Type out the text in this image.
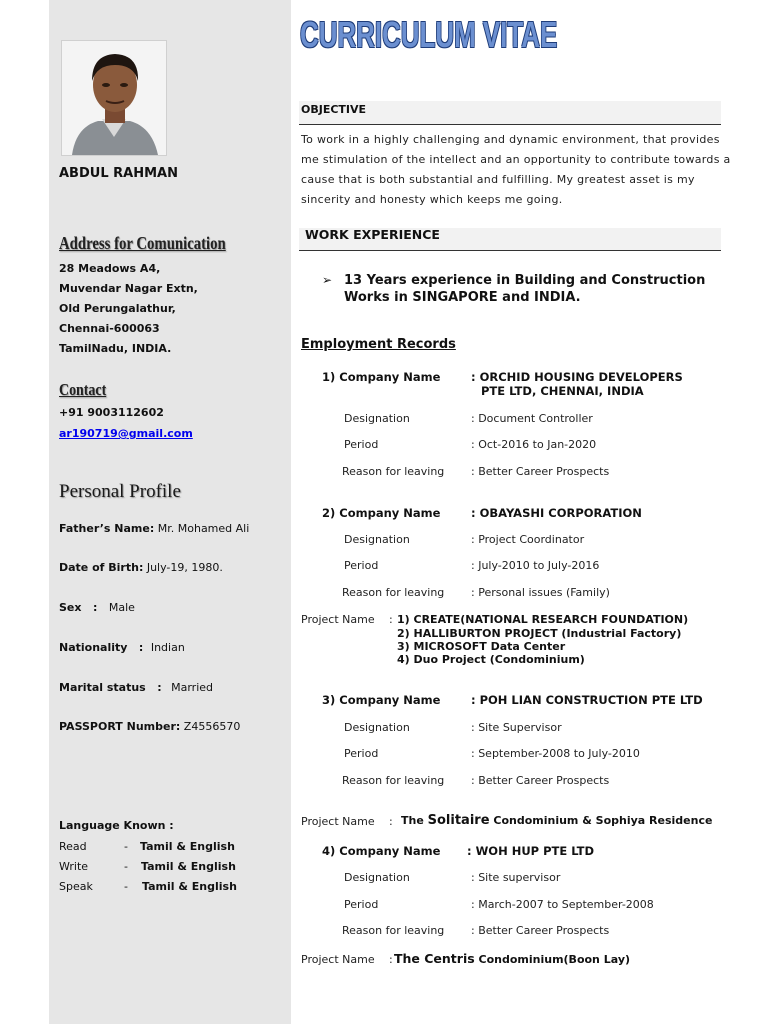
ABDUL RAHMAN
Address for Comunication
28 Meadows A4,
Muvendar Nagar Extn,
Old Perungalathur,
Chennai-600063
TamilNadu, INDIA.
Contact
+91 9003112602
ar190719@gmail.com
Personal Profile
Father’s Name: Mr. Mohamed Ali
Date of Birth: July-19, 1980.
Sex   : Male
Nationality   : Indian
Marital status   : Married
PASSPORT Number: Z4556570
Language Known :
Read	- Tamil & English
Write	- Tamil & English
Speak	- Tamil & English
CURRICULUM VITAE
OBJECTIVE
To work in a highly challenging and dynamic environment, that provides
me stimulation of the intellect and an opportunity to contribute towards a
cause that is both substantial and fulfilling. My greatest asset is my
sincerity and honesty which keeps me going.
WORK EXPERIENCE
➢ 13 Years experience in Building and Construction
Works in SINGAPORE and INDIA.
Employment Records
1) Company Name	: ORCHID HOUSING DEVELOPERS
PTE LTD, CHENNAI, INDIA
Designation	: Document Controller
Period	: Oct-2016 to Jan-2020
Reason for leaving : Better Career Prospects
2) Company Name	: OBAYASHI CORPORATION
Designation	: Project Coordinator
Period	: July-2010 to July-2016
Reason for leaving : Personal issues (Family)
Project Name : 1) CREATE(NATIONAL RESEARCH FOUNDATION)
2) HALLIBURTON PROJECT (Industrial Factory)
3) MICROSOFT Data Center
4) Duo Project (Condominium)
3) Company Name	: POH LIAN CONSTRUCTION PTE LTD
Designation	: Site Supervisor
Period	: September-2008 to July-2010
Reason for leaving : Better Career Prospects
Project Name : The Solitaire Condominium & Sophiya Residence
4) Company Name : WOH HUP PTE LTD
Designation	: Site supervisor
Period	: March-2007 to September-2008
Reason for leaving : Better Career Prospects
Project Name : The Centris Condominium(Boon Lay)
